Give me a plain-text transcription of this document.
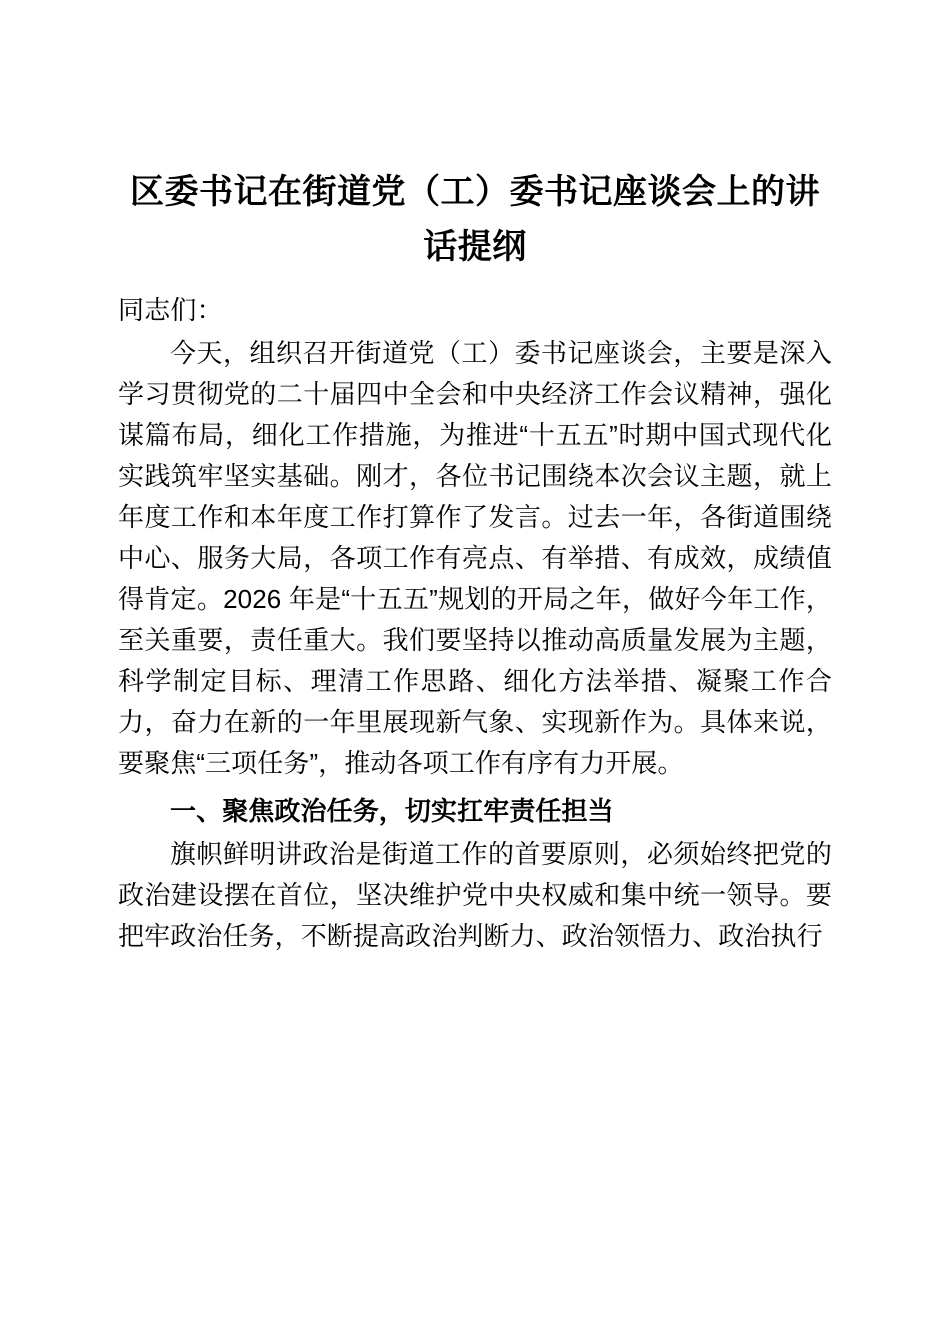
区委书记在街道党（工）委书记座谈会上的讲话提纲
同志们：

今天，组织召开街道党（工）委书记座谈会，主要是深入学习贯彻党的二十届四中全会和中央经济工作会议精神，强化谋篇布局，细化工作措施，为推进“十五五”时期中国式现代化实践筑牢坚实基础。刚才，各位书记围绕本次会议主题，就上年度工作和本年度工作打算作了发言。过去一年，各街道围绕中心、服务大局，各项工作有亮点、有举措、有成效，成绩值得肯定。2026 年是“十五五”规划的开局之年，做好今年工作，至关重要，责任重大。我们要坚持以推动高质量发展为主题，科学制定目标、理清工作思路、细化方法举措、凝聚工作合力，奋力在新的一年里展现新气象、实现新作为。具体来说，要聚焦“三项任务”，推动各项工作有序有力开展。

一、聚焦政治任务，切实扛牢责任担当

旗帜鲜明讲政治是街道工作的首要原则，必须始终把党的政治建设摆在首位，坚决维护党中央权威和集中统一领导。要把牢政治任务，不断提高政治判断力、政治领悟力、政治执行
